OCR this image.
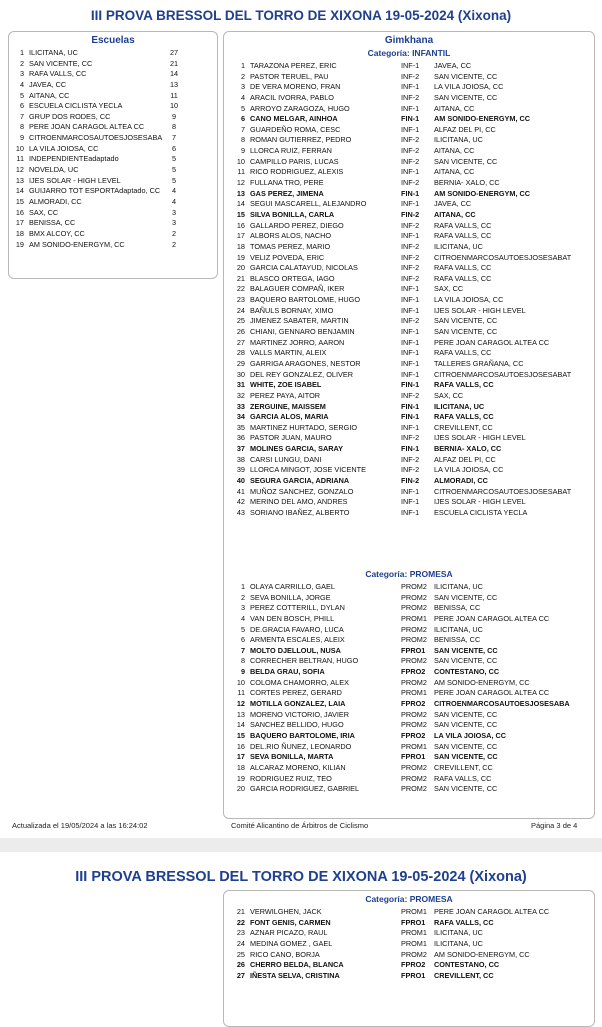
III PROVA BRESSOL DEL TORRO DE XIXONA 19-05-2024 (Xixona)
Escuelas
1 ILICITANA, UC	27
2 SAN VICENTE, CC	21
3 RAFA VALLS, CC	14
4 JAVEA, CC	13
5 AITANA, CC	11
6 ESCUELA CICLISTA YECLA	10
7 GRUP DOS RODES, CC	9
8 PERE JOAN CARAGOL ALTEA CC	8
9 CITROENMARCOSAUTOESJOSESABA	7
10 LA VILA JOIOSA, CC	6
11 INDEPENDIENTEadaptado	5
12 NOVELDA, UC	5
13 IJES SOLAR - HIGH LEVEL	5
14 GUIJARRO TOT ESPORTAdaptado, CC	4
15 ALMORADI, CC	4
16 SAX, CC	3
17 BENISSA, CC	3
18 BMX ALCOY, CC	2
19 AM SONIDO-ENERGYM, CC	2
Gimkhana
Categoría: INFANTIL
1 TARAZONA PEREZ, ERIC	INF-1 JAVEA, CC
2 PASTOR TERUEL, PAU	INF-2 SAN VICENTE, CC
3 DE VERA MORENO, FRAN	INF-1 LA VILA JOIOSA, CC
4 ARACIL IVORRA, PABLO	INF-2 SAN VICENTE, CC
5 ARROYO ZARAGOZA, HUGO	INF-1 AITANA, CC
6 CANO MELGAR, AINHOA	FIN-1 AM SONIDO-ENERGYM, CC
7 GUARDEÑO ROMA, CESC	INF-1 ALFAZ DEL PI, CC
8 ROMAN GUTIERREZ, PEDRO	INF-2 ILICITANA, UC
9 LLORCA RUIZ, FERRAN	INF-2 AITANA, CC
10 CAMPILLO PARIS, LUCAS	INF-2 SAN VICENTE, CC
11 RICO RODRIGUEZ, ALEXIS	INF-1 AITANA, CC
12 FULLANA TRO, PERE	INF-2 BERNIA- XALO, CC
13 GAS PEREZ, JIMENA	FIN-1 AM SONIDO-ENERGYM, CC
14 SEGUI MASCARELL, ALEJANDRO	INF-1 JAVEA, CC
15 SILVA BONILLA, CARLA	FIN-2 AITANA, CC
16 GALLARDO PEREZ, DIEGO	INF-2 RAFA VALLS, CC
17 ALBORS ALOS, NACHO	INF-1 RAFA VALLS, CC
18 TOMAS PEREZ, MARIO	INF-2 ILICITANA, UC
19 VELIZ POVEDA, ERIC	INF-2 CITROENMARCOSAUTOESJOSESABAT
20 GARCIA CALATAYUD, NICOLAS	INF-2 RAFA VALLS, CC
21 BLASCO ORTEGA, IAGO	INF-2 RAFA VALLS, CC
22 BALAGUER COMPAÑ, IKER	INF-1 SAX, CC
23 BAQUERO BARTOLOME, HUGO	INF-1 LA VILA JOIOSA, CC
24 BAÑULS BORNAY, XIMO	INF-1 IJES SOLAR - HIGH LEVEL
25 JIMENEZ SABATER, MARTIN	INF-2 SAN VICENTE, CC
26 CHIANI, GENNARO BENJAMIN	INF-1 SAN VICENTE, CC
27 MARTINEZ JORRO, AARON	INF-1 PERE JOAN CARAGOL ALTEA CC
28 VALLS MARTIN, ALEIX	INF-1 RAFA VALLS, CC
29 GARRIGA ARAGONES, NESTOR	INF-1 TALLERES GRAÑANA, CC
30 DEL REY GONZALEZ, OLIVER	INF-1 CITROENMARCOSAUTOESJOSESABAT
31 WHITE, ZOE ISABEL	FIN-1 RAFA VALLS, CC
32 PEREZ PAYA, AITOR	INF-2 SAX, CC
33 ZERGUINE, MAISSEM	FIN-1 ILICITANA, UC
34 GARCIA ALOS, MARIA	FIN-1 RAFA VALLS, CC
35 MARTINEZ HURTADO, SERGIO	INF-1 CREVILLENT, CC
36 PASTOR JUAN, MAURO	INF-2 IJES SOLAR - HIGH LEVEL
37 MOLINES GARCIA, SARAY	FIN-1 BERNIA- XALO, CC
38 CARSI LUNGU, DANI	INF-2 ALFAZ DEL PI, CC
39 LLORCA MINGOT, JOSE VICENTE	INF-2 LA VILA JOIOSA, CC
40 SEGURA GARCIA, ADRIANA	FIN-2 ALMORADI, CC
41 MUÑOZ SANCHEZ, GONZALO	INF-1 CITROENMARCOSAUTOESJOSESABAT
42 MERINO DEL AMO, ANDRES	INF-1 IJES SOLAR - HIGH LEVEL
43 SORIANO IBAÑEZ, ALBERTO	INF-1 ESCUELA CICLISTA YECLA
Categoría: PROMESA
1 OLAYA CARRILLO, GAEL	PROM2 ILICITANA, UC
2 SEVA BONILLA, JORGE	PROM2 SAN VICENTE, CC
3 PEREZ COTTERILL, DYLAN	PROM2 BENISSA, CC
4 VAN DEN BOSCH, PHILL	PROM1 PERE JOAN CARAGOL ALTEA CC
5 DE.GRACIA FAVARO, LUCA	PROM2 ILICITANA, UC
6 ARMENTA ESCALES, ALEIX	PROM2 BENISSA, CC
7 MOLTO DJELLOUL, NUSA	FPRO1 SAN VICENTE, CC
8 CORRECHER BELTRAN, HUGO	PROM2 SAN VICENTE, CC
9 BELDA GRAU, SOFIA	FPRO2 CONTESTANO, CC
10 COLOMA CHAMORRO, ALEX	PROM2 AM SONIDO-ENERGYM, CC
11 CORTES PEREZ, GERARD	PROM1 PERE JOAN CARAGOL ALTEA CC
12 MOTILLA GONZALEZ, LAIA	FPRO2 CITROENMARCOSAUTOESJOSESABA
13 MORENO VICTORIO, JAVIER	PROM2 SAN VICENTE, CC
14 SANCHEZ BELLIDO, HUGO	PROM2 SAN VICENTE, CC
15 BAQUERO BARTOLOME, IRIA	FPRO2 LA VILA JOIOSA, CC
16 DEL.RIO ÑUNEZ, LEONARDO	PROM1 SAN VICENTE, CC
17 SEVA BONILLA, MARTA	FPRO1 SAN VICENTE, CC
18 ALCARAZ MORENO, KILIAN	PROM2 CREVILLENT, CC
19 RODRIGUEZ RUIZ, TEO	PROM2 RAFA VALLS, CC
20 GARCIA RODRIGUEZ, GABRIEL	PROM2 SAN VICENTE, CC
Actualizada el 19/05/2024 a las 16:24:02	Comité Alicantino de Árbitros de Ciclismo	Página 3 de 4
III PROVA BRESSOL DEL TORRO DE XIXONA 19-05-2024 (Xixona)
Categoría: PROMESA
21 VERWILGHEN, JACK	PROM1 PERE JOAN CARAGOL ALTEA CC
22 FONT GENIS, CARMEN	FPRO1 RAFA VALLS, CC
23 AZNAR PICAZO, RAUL	PROM1 ILICITANA, UC
24 MEDINA GOMEZ , GAEL	PROM1 ILICITANA, UC
25 RICO CANO, BORJA	PROM2 AM SONIDO-ENERGYM, CC
26 CHERRO BELDA, BLANCA	FPRO2 CONTESTANO, CC
27 IÑESTA SELVA, CRISTINA	FPRO1 CREVILLENT, CC
